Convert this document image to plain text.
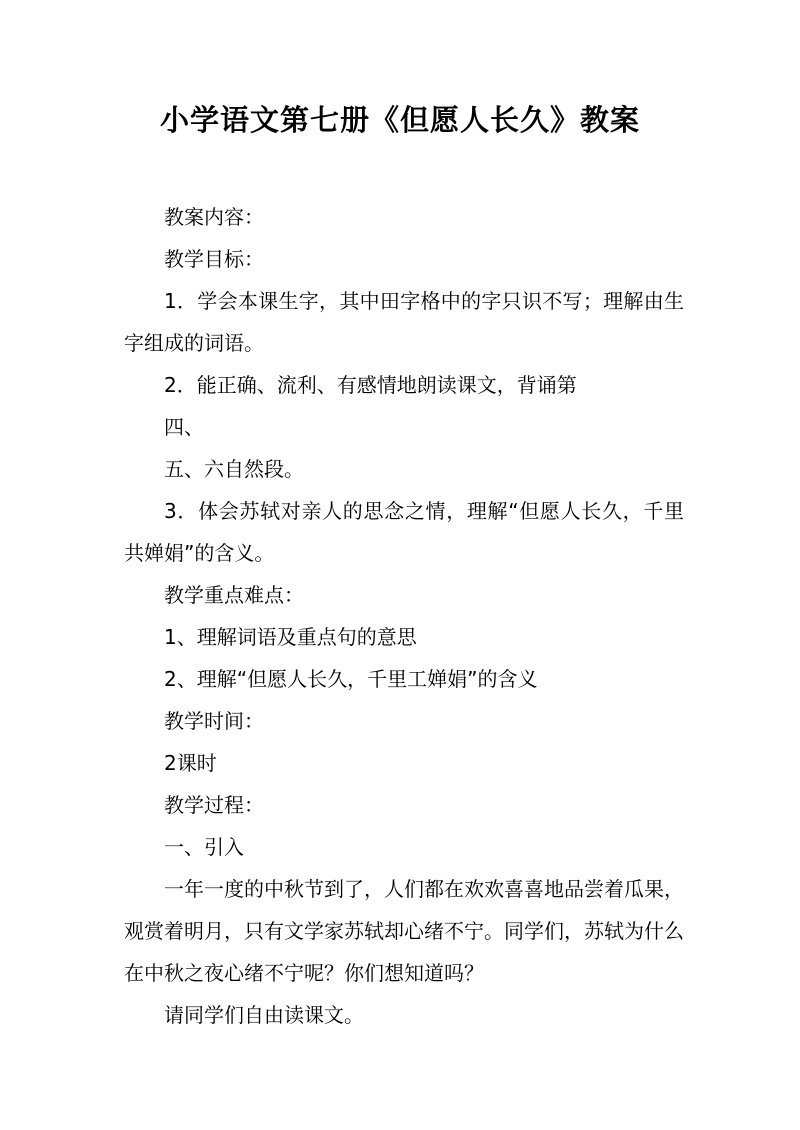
小学语文第七册《但愿人长久》教案

教案内容：

教学目标：

1．学会本课生字，其中田字格中的字只识不写；理解由生字组成的词语。

2．能正确、流利、有感情地朗读课文，背诵第

四、

五、六自然段。

3．体会苏轼对亲人的思念之情，理解“但愿人长久，千里共婵娟”的含义。

教学重点难点：

1、理解词语及重点句的意思

2、理解“但愿人长久，千里工婵娟”的含义

教学时间：

2课时

教学过程：

一、引入

一年一度的中秋节到了，人们都在欢欢喜喜地品尝着瓜果，观赏着明月，只有文学家苏轼却心绪不宁。同学们，苏轼为什么在中秋之夜心绪不宁呢？你们想知道吗？

请同学们自由读课文。
